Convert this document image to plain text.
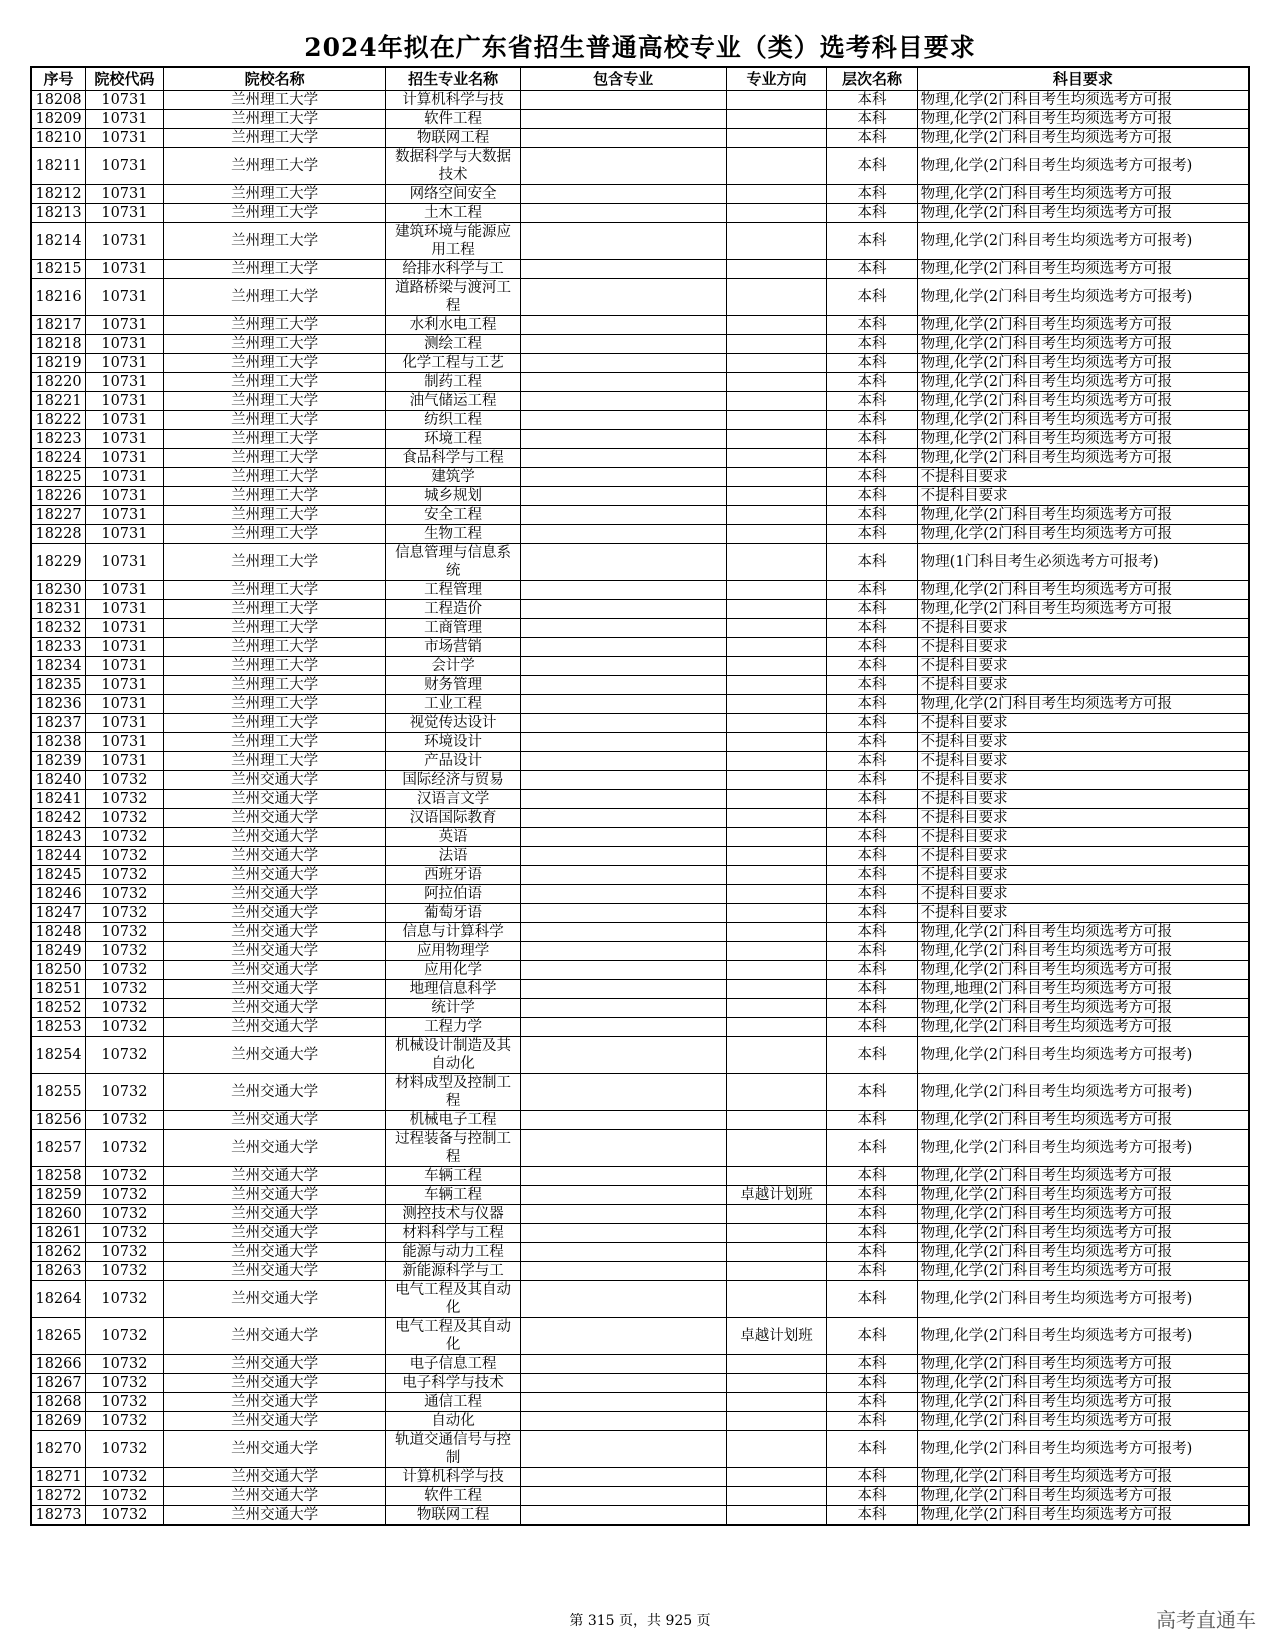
2024年拟在广东省招生普通高校专业（类）选考科目要求
序号	院校代码	院校名称	招生专业名称	包含专业	专业方向	层次名称	科目要求
18208	10731	兰州理工大学	计算机科学与技			本科	物理,化学(2门科目考生均须选考方可报
18209	10731	兰州理工大学	软件工程			本科	物理,化学(2门科目考生均须选考方可报
18210	10731	兰州理工大学	物联网工程			本科	物理,化学(2门科目考生均须选考方可报
18211	10731	兰州理工大学	数据科学与大数据技术			本科	物理,化学(2门科目考生均须选考方可报考)
18212	10731	兰州理工大学	网络空间安全			本科	物理,化学(2门科目考生均须选考方可报
18213	10731	兰州理工大学	土木工程			本科	物理,化学(2门科目考生均须选考方可报
18214	10731	兰州理工大学	建筑环境与能源应用工程			本科	物理,化学(2门科目考生均须选考方可报考)
18215	10731	兰州理工大学	给排水科学与工			本科	物理,化学(2门科目考生均须选考方可报
18216	10731	兰州理工大学	道路桥梁与渡河工程			本科	物理,化学(2门科目考生均须选考方可报考)
18217	10731	兰州理工大学	水利水电工程			本科	物理,化学(2门科目考生均须选考方可报
18218	10731	兰州理工大学	测绘工程			本科	物理,化学(2门科目考生均须选考方可报
18219	10731	兰州理工大学	化学工程与工艺			本科	物理,化学(2门科目考生均须选考方可报
18220	10731	兰州理工大学	制药工程			本科	物理,化学(2门科目考生均须选考方可报
18221	10731	兰州理工大学	油气储运工程			本科	物理,化学(2门科目考生均须选考方可报
18222	10731	兰州理工大学	纺织工程			本科	物理,化学(2门科目考生均须选考方可报
18223	10731	兰州理工大学	环境工程			本科	物理,化学(2门科目考生均须选考方可报
18224	10731	兰州理工大学	食品科学与工程			本科	物理,化学(2门科目考生均须选考方可报
18225	10731	兰州理工大学	建筑学			本科	不提科目要求
18226	10731	兰州理工大学	城乡规划			本科	不提科目要求
18227	10731	兰州理工大学	安全工程			本科	物理,化学(2门科目考生均须选考方可报
18228	10731	兰州理工大学	生物工程			本科	物理,化学(2门科目考生均须选考方可报
18229	10731	兰州理工大学	信息管理与信息系统			本科	物理(1门科目考生必须选考方可报考)
18230	10731	兰州理工大学	工程管理			本科	物理,化学(2门科目考生均须选考方可报
18231	10731	兰州理工大学	工程造价			本科	物理,化学(2门科目考生均须选考方可报
18232	10731	兰州理工大学	工商管理			本科	不提科目要求
18233	10731	兰州理工大学	市场营销			本科	不提科目要求
18234	10731	兰州理工大学	会计学			本科	不提科目要求
18235	10731	兰州理工大学	财务管理			本科	不提科目要求
18236	10731	兰州理工大学	工业工程			本科	物理,化学(2门科目考生均须选考方可报
18237	10731	兰州理工大学	视觉传达设计			本科	不提科目要求
18238	10731	兰州理工大学	环境设计			本科	不提科目要求
18239	10731	兰州理工大学	产品设计			本科	不提科目要求
18240	10732	兰州交通大学	国际经济与贸易			本科	不提科目要求
18241	10732	兰州交通大学	汉语言文学			本科	不提科目要求
18242	10732	兰州交通大学	汉语国际教育			本科	不提科目要求
18243	10732	兰州交通大学	英语			本科	不提科目要求
18244	10732	兰州交通大学	法语			本科	不提科目要求
18245	10732	兰州交通大学	西班牙语			本科	不提科目要求
18246	10732	兰州交通大学	阿拉伯语			本科	不提科目要求
18247	10732	兰州交通大学	葡萄牙语			本科	不提科目要求
18248	10732	兰州交通大学	信息与计算科学			本科	物理,化学(2门科目考生均须选考方可报
18249	10732	兰州交通大学	应用物理学			本科	物理,化学(2门科目考生均须选考方可报
18250	10732	兰州交通大学	应用化学			本科	物理,化学(2门科目考生均须选考方可报
18251	10732	兰州交通大学	地理信息科学			本科	物理,地理(2门科目考生均须选考方可报
18252	10732	兰州交通大学	统计学			本科	物理,化学(2门科目考生均须选考方可报
18253	10732	兰州交通大学	工程力学			本科	物理,化学(2门科目考生均须选考方可报
18254	10732	兰州交通大学	机械设计制造及其自动化			本科	物理,化学(2门科目考生均须选考方可报考)
18255	10732	兰州交通大学	材料成型及控制工程			本科	物理,化学(2门科目考生均须选考方可报考)
18256	10732	兰州交通大学	机械电子工程			本科	物理,化学(2门科目考生均须选考方可报
18257	10732	兰州交通大学	过程装备与控制工程			本科	物理,化学(2门科目考生均须选考方可报考)
18258	10732	兰州交通大学	车辆工程			本科	物理,化学(2门科目考生均须选考方可报
18259	10732	兰州交通大学	车辆工程		卓越计划班	本科	物理,化学(2门科目考生均须选考方可报
18260	10732	兰州交通大学	测控技术与仪器			本科	物理,化学(2门科目考生均须选考方可报
18261	10732	兰州交通大学	材料科学与工程			本科	物理,化学(2门科目考生均须选考方可报
18262	10732	兰州交通大学	能源与动力工程			本科	物理,化学(2门科目考生均须选考方可报
18263	10732	兰州交通大学	新能源科学与工			本科	物理,化学(2门科目考生均须选考方可报
18264	10732	兰州交通大学	电气工程及其自动化			本科	物理,化学(2门科目考生均须选考方可报考)
18265	10732	兰州交通大学	电气工程及其自动化		卓越计划班	本科	物理,化学(2门科目考生均须选考方可报考)
18266	10732	兰州交通大学	电子信息工程			本科	物理,化学(2门科目考生均须选考方可报
18267	10732	兰州交通大学	电子科学与技术			本科	物理,化学(2门科目考生均须选考方可报
18268	10732	兰州交通大学	通信工程			本科	物理,化学(2门科目考生均须选考方可报
18269	10732	兰州交通大学	自动化			本科	物理,化学(2门科目考生均须选考方可报
18270	10732	兰州交通大学	轨道交通信号与控制			本科	物理,化学(2门科目考生均须选考方可报考)
18271	10732	兰州交通大学	计算机科学与技			本科	物理,化学(2门科目考生均须选考方可报
18272	10732	兰州交通大学	软件工程			本科	物理,化学(2门科目考生均须选考方可报
18273	10732	兰州交通大学	物联网工程			本科	物理,化学(2门科目考生均须选考方可报
第 315 页，共 925 页	高考直通车
